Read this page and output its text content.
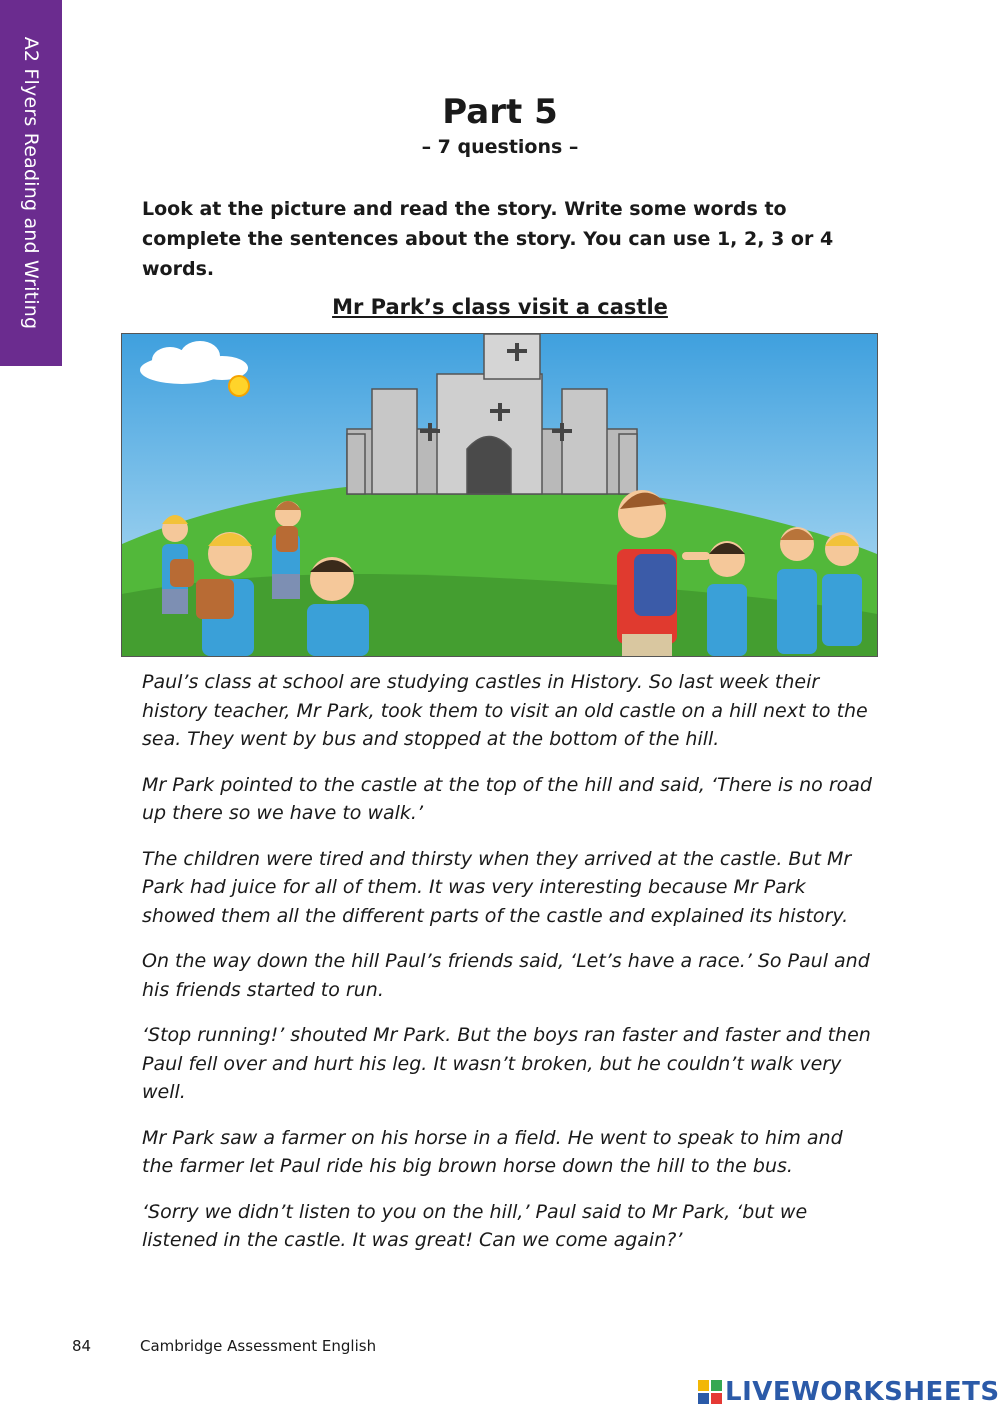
A2 Flyers Reading and Writing	Part 5
– 7 questions –
Look at the picture and read the story. Write some words to complete the sentences about the story. You can use 1, 2, 3 or 4 words.
Mr Park’s class visit a castle

Paul’s class at school are studying castles in History. So last week their history teacher, Mr Park, took them to visit an old castle on a hill next to the sea. They went by bus and stopped at the bottom of the hill.

Mr Park pointed to the castle at the top of the hill and said, ‘There is no road up there so we have to walk.’

The children were tired and thirsty when they arrived at the castle. But Mr Park had juice for all of them. It was very interesting because Mr Park showed them all the different parts of the castle and explained its history.

On the way down the hill Paul’s friends said, ‘Let’s have a race.’ So Paul and his friends started to run.

‘Stop running!’ shouted Mr Park. But the boys ran faster and faster and then Paul fell over and hurt his leg. It wasn’t broken, but he couldn’t walk very well.

Mr Park saw a farmer on his horse in a field. He went to speak to him and the farmer let Paul ride his big brown horse down the hill to the bus.

‘Sorry we didn’t listen to you on the hill,’ Paul said to Mr Park, ‘but we listened in the castle. It was great! Can we come again?’

84	Cambridge Assessment English
LIVEWORKSHEETS
